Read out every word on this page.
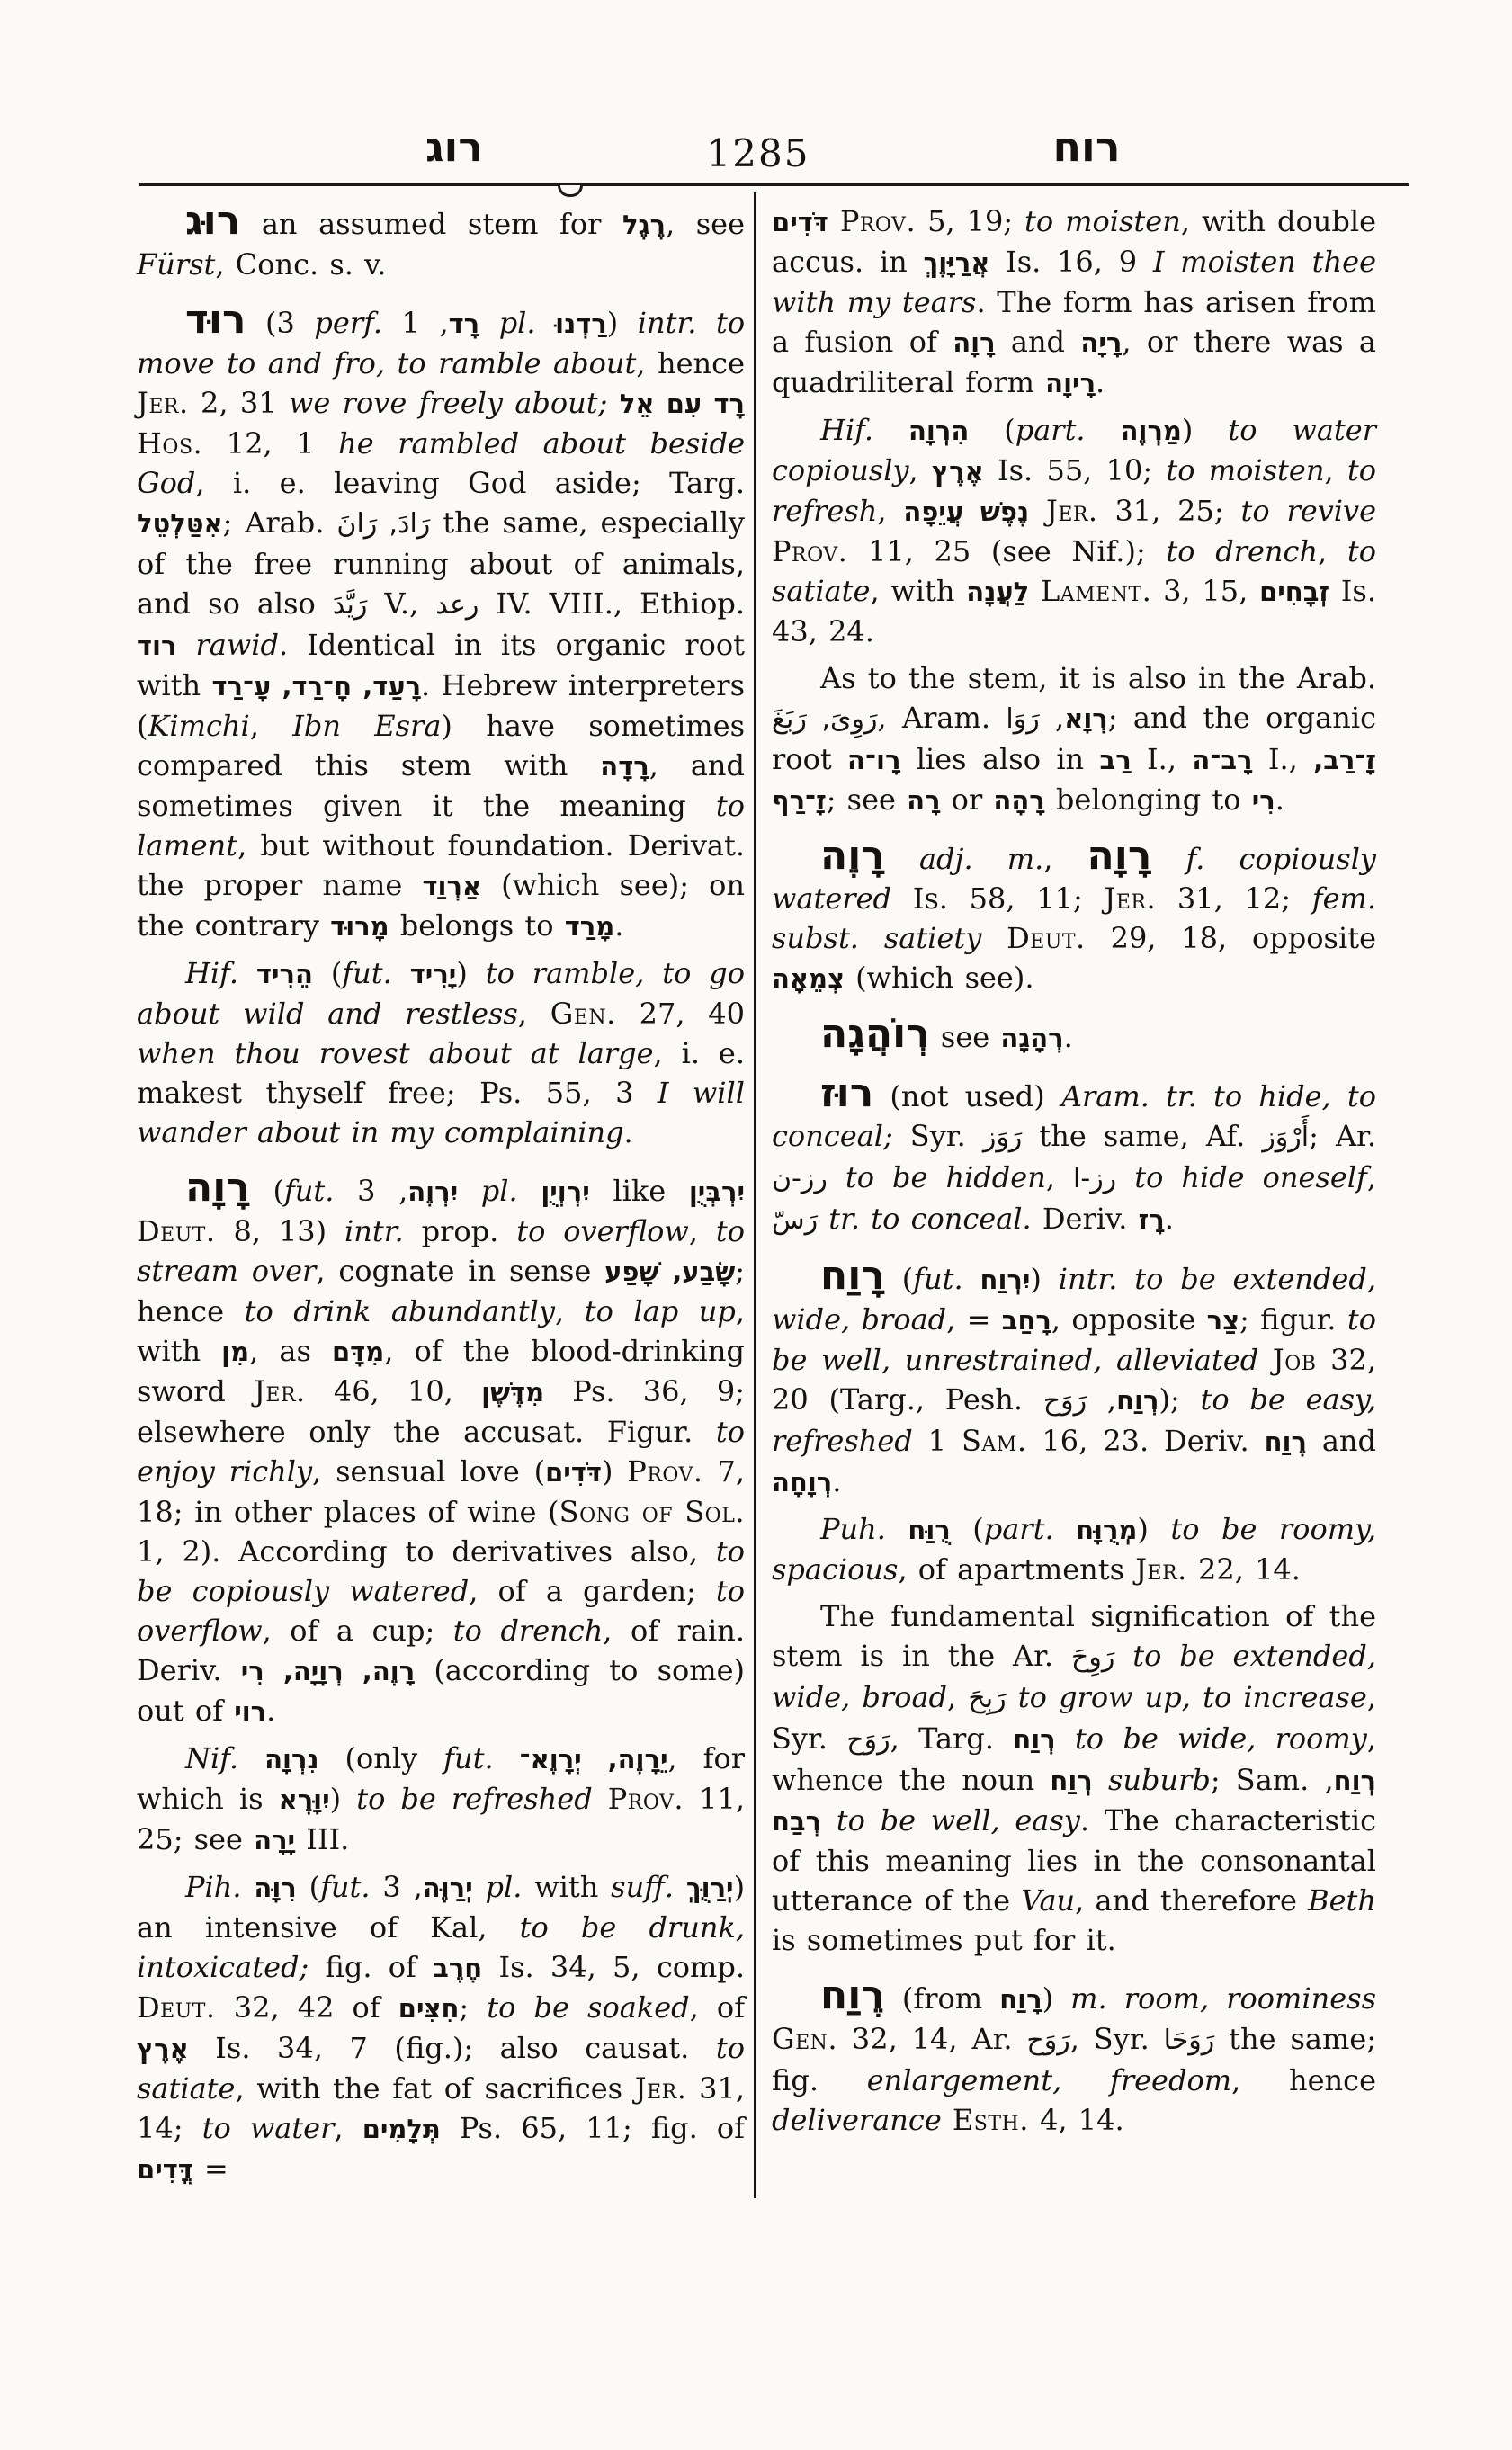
רוג	1285	רוח

רוּג an assumed stem for רֶגֶל, see Fürst, Conc. s. v.

רוּד (3 perf.	רָד, 1 pl. רַדְנוּ) intr. to move to and fro, to ramble about, hence Jer. 2, 31 we rove freely about; רָד עִם אֵל Hos. 12, 1 he rambled about beside God, i. e. leaving God aside; Targ. אִטַּלְטֵל; Arab. رَادَ, رَانَ the same, especially of the free running about of animals, and so also رَيَّدَ V., رعد IV. VIII., Ethiop. רוד rawid. Identical in its organic root with רָעַד, חָ־רַד, עָ־רַד. Hebrew interpreters (Kimchi, Ibn Esra) have sometimes compared this stem with רָדָה, and sometimes given it the meaning to lament, but without foundation. Derivat. the proper name אַרְוַד (which see); on the contrary מָרוּד belongs to מָרַד.

Hif. הֵרִיד (fut. יָרִיד) to ramble, to go about wild and restless, Gen. 27, 40 when thou rovest about at large, i. e. makest thyself free; Ps. 55, 3 I will wander about in my complaining.

רָוָה (fut.	יִרְוֶה, 3 pl. יִרְוְיֻן like יִרְבְּיֻן Deut. 8, 13) intr. prop. to overflow, to stream over, cognate in sense שָׂבַע, שָׁפַע; hence to drink abundantly, to lap up, with מִן, as מִדָּם, of the blood-drinking sword Jer. 46, 10, מִדֶּשֶׁן Ps. 36, 9; elsewhere only the accusat. Figur. to enjoy richly, sensual love (דֹּדִים) Prov. 7, 18; in other places of wine (Song of Sol. 1, 2). According to derivatives also, to be copiously watered, of a garden; to overflow, of a cup; to drench, of rain. Deriv. רָוֶה, רְוָיָה, רִי (according to some) out of רוי.

Nif. נִרְוָה (only fut. יֵרָוֶה, יְרָוֶא־, for which is יִוָּרֶא) to be refreshed Prov. 11, 25; see יָרָה III.

Pih. רִוָּה (fut. יְרַוֶּה, 3 pl. with suff. יְרַוֻּךְ) an intensive of Kal, to be drunk, intoxicated; fig. of חֶרֶב Is. 34, 5, comp. Deut. 32, 42 of חִצִּים; to be soaked, of אֶרֶץ Is. 34, 7 (fig.); also causat. to satiate, with the fat of sacrifices Jer. 31, 14; to water, תְּלָמִים Ps. 65, 11; fig. of דֳּדִים =

דֹּדִים Prov. 5, 19; to moisten, with double accus. in אֲרַיָּוֶךְ Is. 16, 9 I moisten thee with my tears. The form has arisen from a fusion of רָוָה and רָיָה, or there was a quadriliteral form רָיוָה.

Hif. הִרְוָה (part. מַרְוֶה) to water copiously, אֶרֶץ Is. 55, 10; to moisten, to refresh, נֶפֶשׁ עֲיֵפָה Jer. 31, 25; to revive Prov. 11, 25 (see Nif.); to drench, to satiate, with לַעֲנָה Lament. 3, 15, זְבָחִים Is. 43, 24.

As to the stem, it is also in the Arab. رَوِىَ, رَبَغَ, Aram. רְוָא, رَوَا ; and the organic root רָו־ה lies also in רַב I., רָב־ה I., זָ־רַב, זָ־רַף; see רָה or רָהָה belonging to רִי.

רָוֶה adj. m., רָוָה f. copiously watered Is. 58, 11; Jer. 31, 12; fem. subst. satiety Deut. 29, 18, opposite צְמֵאָה (which see).

רְוֹהֲגָה see רְהָגָה.

רוּז (not used) Aram. tr. to hide, to conceal; Syr. رَوَز the same, Af. أَرْوَز; Ar. رز-ن to be hidden, رز-ا to hide oneself, رَسّ tr. to conceal. Deriv. רָז.

רָוַח (fut. יִרְוַח) intr. to be extended, wide, broad, = רָחַב, opposite צַר; figur. to be well, unrestrained, alleviated Job 32, 20 (Targ., Pesh.	רְוַח, رَوَح	); to be easy, refreshed 1 Sam. 16, 23. Deriv. רֶוַח and רְוָחָה.

Puh. רֻוַּח (part. מְרֻוָּח) to be roomy, spacious, of apartments Jer. 22, 14.

The fundamental signification of the stem is in the Ar. رَوِحَ to be extended, wide, broad, رَبِحَ to grow up, to increase, Syr. رَوَح, Targ. רְוַח to be wide, roomy, whence the noun רְוַח suburb; Sam. רְוַח, רְבַח to be well, easy. The characteristic of this meaning lies in the consonantal utterance of the Vau, and therefore Beth is sometimes put for it.

רֶוַח (from רָוַח) m. room, roominess Gen. 32, 14, Ar. رَوَح, Syr. رَوَحَا the same; fig. enlargement, freedom, hence deliverance Esth. 4, 14.
